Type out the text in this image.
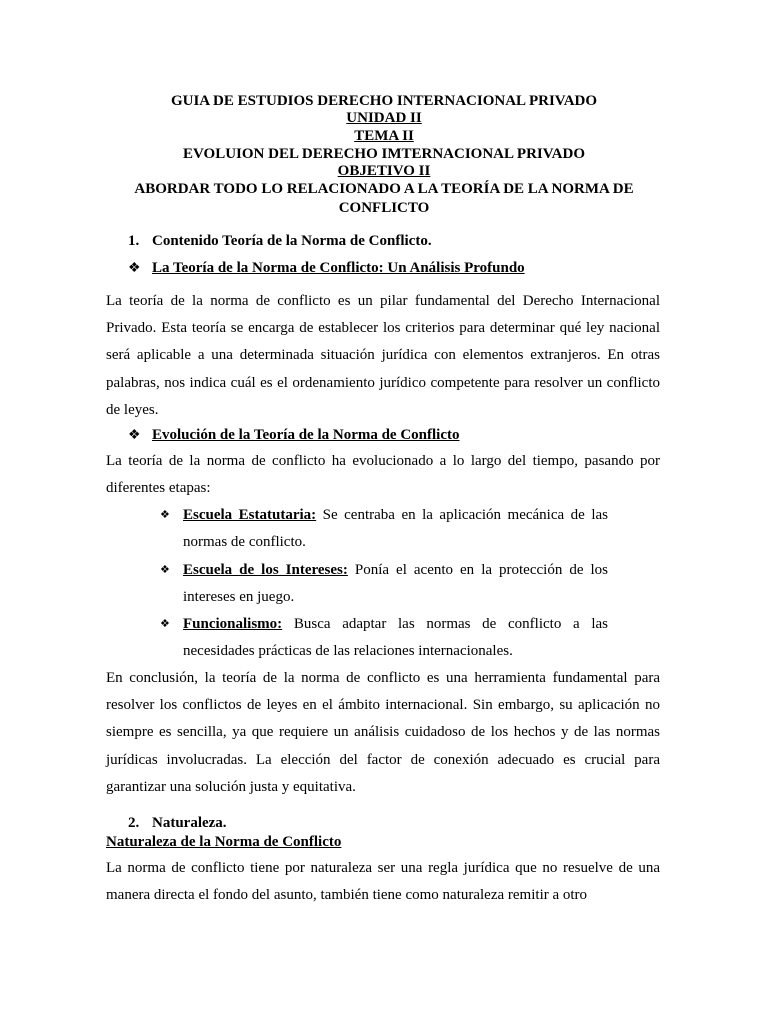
GUIA DE ESTUDIOS DERECHO INTERNACIONAL PRIVADO
UNIDAD II
TEMA II
EVOLUION DEL DERECHO IMTERNACIONAL PRIVADO
OBJETIVO II
ABORDAR TODO LO RELACIONADO A LA TEORÍA DE LA NORMA DE
CONFLICTO
1. Contenido Teoría de la Norma de Conflicto.
❖ La Teoría de la Norma de Conflicto: Un Análisis Profundo
La teoría de la norma de conflicto es un pilar fundamental del Derecho Internacional Privado. Esta teoría se encarga de establecer los criterios para determinar qué ley nacional será aplicable a una determinada situación jurídica con elementos extranjeros. En otras palabras, nos indica cuál es el ordenamiento jurídico competente para resolver un conflicto de leyes.
❖ Evolución de la Teoría de la Norma de Conflicto
La teoría de la norma de conflicto ha evolucionado a lo largo del tiempo, pasando por diferentes etapas:
❖ Escuela Estatutaria: Se centraba en la aplicación mecánica de las normas de conflicto.
❖ Escuela de los Intereses: Ponía el acento en la protección de los intereses en juego.
❖ Funcionalismo: Busca adaptar las normas de conflicto a las necesidades prácticas de las relaciones internacionales.
En conclusión, la teoría de la norma de conflicto es una herramienta fundamental para resolver los conflictos de leyes en el ámbito internacional. Sin embargo, su aplicación no siempre es sencilla, ya que requiere un análisis cuidadoso de los hechos y de las normas jurídicas involucradas. La elección del factor de conexión adecuado es crucial para garantizar una solución justa y equitativa.
2. Naturaleza.
Naturaleza de la Norma de Conflicto
La norma de conflicto tiene por naturaleza ser una regla jurídica que no resuelve de una manera directa el fondo del asunto, también tiene como naturaleza remitir a otro
